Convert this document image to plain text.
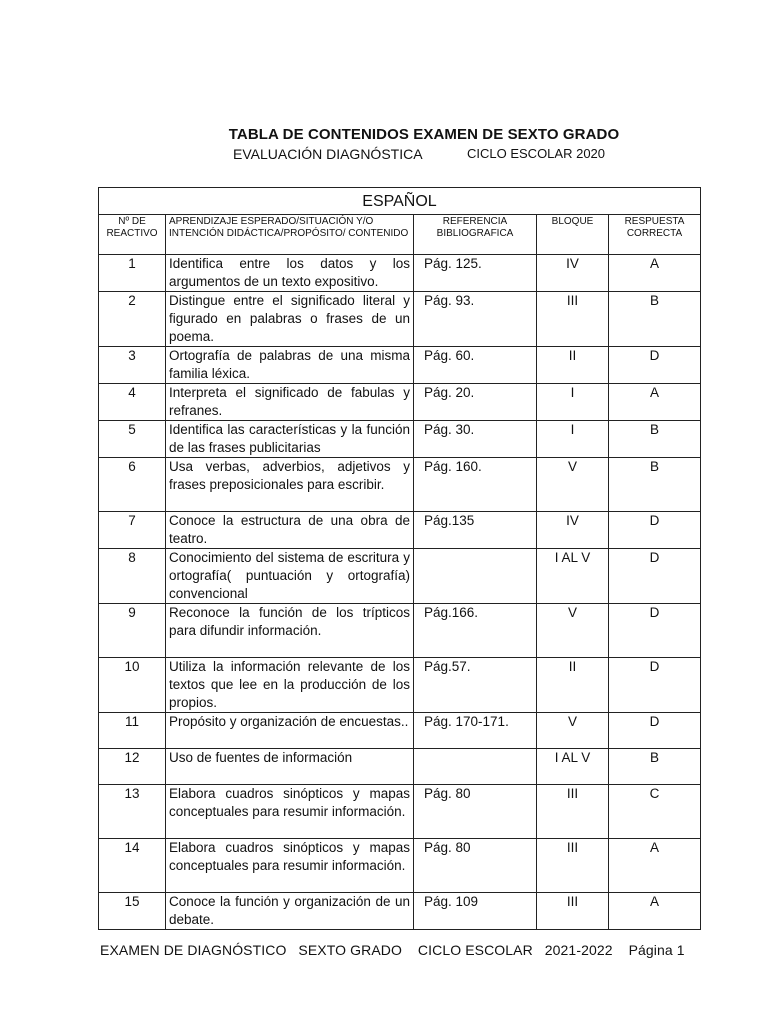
TABLA DE CONTENIDOS EXAMEN DE SEXTO GRADO
EVALUACIÓN DIAGNÓSTICA	CICLO ESCOLAR 2020
ESPAÑOL				
Nº DE REACTIVO	APRENDIZAJE ESPERADO/SITUACIÓN Y/O INTENCIÓN DIDÁCTICA/PROPÓSITO/ CONTENIDO	REFERENCIA BIBLIOGRAFICA	BLOQUE	RESPUESTA CORRECTA
1	Identifica entre los datos y los argumentos de un texto expositivo.	Pág. 125.	IV	A
2	Distingue entre el significado literal y figurado en palabras o frases de un poema.	Pág. 93.	III	B
3	Ortografía de palabras de una misma familia léxica.	Pág. 60.	II	D
4	Interpreta el significado de fabulas y refranes.	Pág. 20.	I	A
5	Identifica las características y la función de las frases publicitarias	Pág. 30.	I	B
6	Usa verbas, adverbios, adjetivos y frases preposicionales para escribir.	Pág. 160.	V	B
7	Conoce la estructura de una obra de teatro.	Pág.135	IV	D
8	Conocimiento del sistema de escritura y ortografía( puntuación y ortografía) convencional		I AL V	D
9	Reconoce la función de los trípticos para difundir información.	Pág.166.	V	D
10	Utiliza la información relevante de los textos que lee en la producción de los propios.	Pág.57.	II	D
11	Propósito y organización de encuestas..	Pág. 170-171.	V	D
12	Uso de fuentes de información		I AL V	B
13	Elabora cuadros sinópticos y mapas conceptuales para resumir información.	Pág. 80	III	C
14	Elabora cuadros sinópticos y mapas conceptuales para resumir información.	Pág. 80	III	A
15	Conoce la función y organización de un debate.	Pág. 109	III	A
EXAMEN DE DIAGNÓSTICO   SEXTO GRADO    CICLO ESCOLAR   2021-2022    Página 1
